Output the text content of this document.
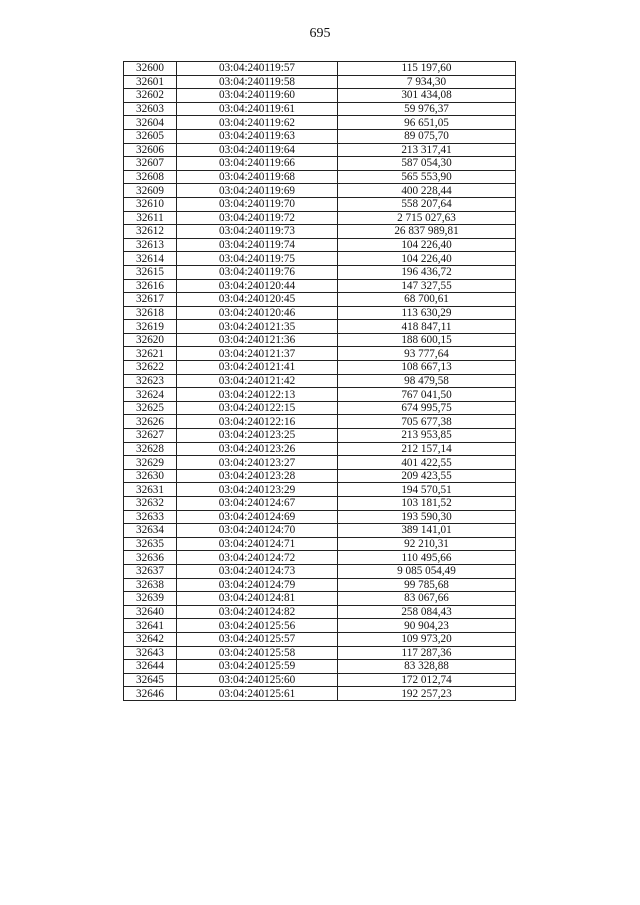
695
32600	03:04:240119:57	115 197,60
32601	03:04:240119:58	7 934,30
32602	03:04:240119:60	301 434,08
32603	03:04:240119:61	59 976,37
32604	03:04:240119:62	96 651,05
32605	03:04:240119:63	89 075,70
32606	03:04:240119:64	213 317,41
32607	03:04:240119:66	587 054,30
32608	03:04:240119:68	565 553,90
32609	03:04:240119:69	400 228,44
32610	03:04:240119:70	558 207,64
32611	03:04:240119:72	2 715 027,63
32612	03:04:240119:73	26 837 989,81
32613	03:04:240119:74	104 226,40
32614	03:04:240119:75	104 226,40
32615	03:04:240119:76	196 436,72
32616	03:04:240120:44	147 327,55
32617	03:04:240120:45	68 700,61
32618	03:04:240120:46	113 630,29
32619	03:04:240121:35	418 847,11
32620	03:04:240121:36	188 600,15
32621	03:04:240121:37	93 777,64
32622	03:04:240121:41	108 667,13
32623	03:04:240121:42	98 479,58
32624	03:04:240122:13	767 041,50
32625	03:04:240122:15	674 995,75
32626	03:04:240122:16	705 677,38
32627	03:04:240123:25	213 953,85
32628	03:04:240123:26	212 157,14
32629	03:04:240123:27	401 422,55
32630	03:04:240123:28	209 423,55
32631	03:04:240123:29	194 570,51
32632	03:04:240124:67	103 181,52
32633	03:04:240124:69	193 590,30
32634	03:04:240124:70	389 141,01
32635	03:04:240124:71	92 210,31
32636	03:04:240124:72	110 495,66
32637	03:04:240124:73	9 085 054,49
32638	03:04:240124:79	99 785,68
32639	03:04:240124:81	83 067,66
32640	03:04:240124:82	258 084,43
32641	03:04:240125:56	90 904,23
32642	03:04:240125:57	109 973,20
32643	03:04:240125:58	117 287,36
32644	03:04:240125:59	83 328,88
32645	03:04:240125:60	172 012,74
32646	03:04:240125:61	192 257,23
